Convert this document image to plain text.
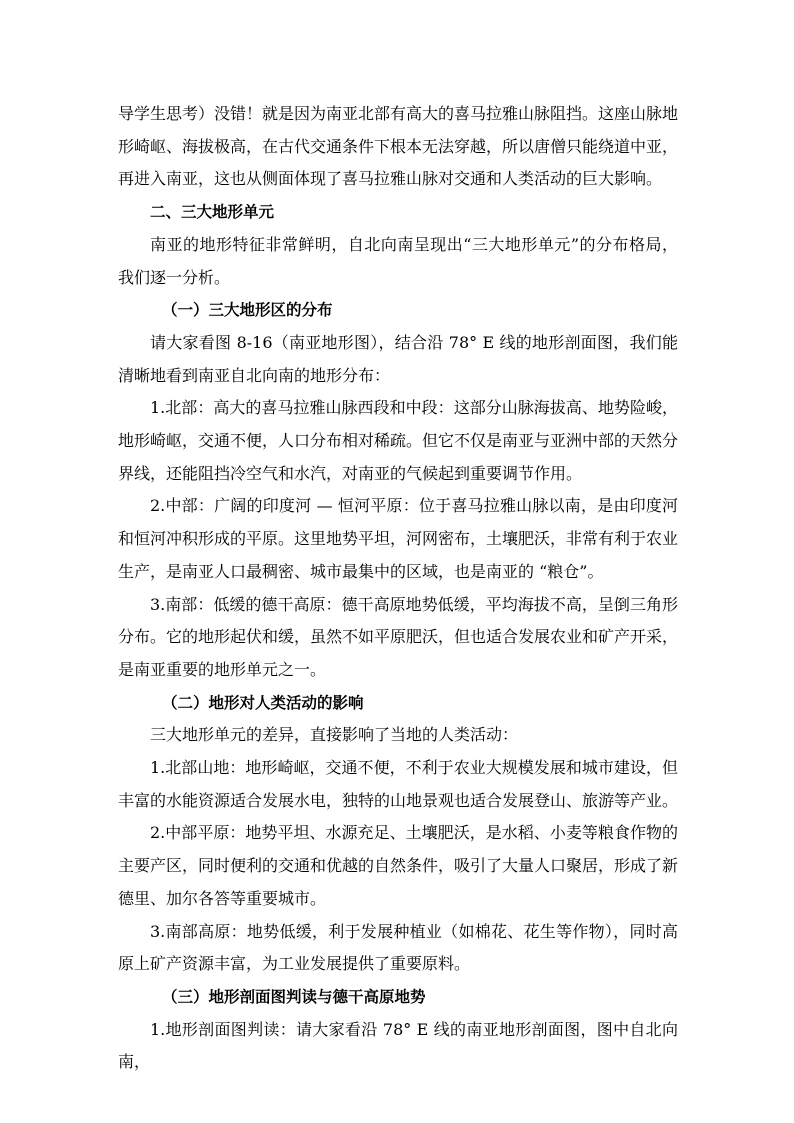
导学生思考）没错！就是因为南亚北部有高大的喜马拉雅山脉阻挡。这座山脉地形崎岖、海拔极高，在古代交通条件下根本无法穿越，所以唐僧只能绕道中亚，再进入南亚，这也从侧面体现了喜马拉雅山脉对交通和人类活动的巨大影响。

二、三大地形单元

南亚的地形特征非常鲜明，自北向南呈现出“三大地形单元”的分布格局，我们逐一分析。

（一）三大地形区的分布

请大家看图 8-16（南亚地形图），结合沿 78° E 线的地形剖面图，我们能清晰地看到南亚自北向南的地形分布：

1.北部：高大的喜马拉雅山脉西段和中段：这部分山脉海拔高、地势险峻，地形崎岖，交通不便，人口分布相对稀疏。但它不仅是南亚与亚洲中部的天然分界线，还能阻挡冷空气和水汽，对南亚的气候起到重要调节作用。

2.中部：广阔的印度河 — 恒河平原：位于喜马拉雅山脉以南，是由印度河和恒河冲积形成的平原。这里地势平坦，河网密布，土壤肥沃，非常有利于农业生产，是南亚人口最稠密、城市最集中的区域，也是南亚的 “粮仓”。

3.南部：低缓的德干高原：德干高原地势低缓，平均海拔不高，呈倒三角形分布。它的地形起伏和缓，虽然不如平原肥沃，但也适合发展农业和矿产开采，是南亚重要的地形单元之一。

（二）地形对人类活动的影响

三大地形单元的差异，直接影响了当地的人类活动：

1.北部山地：地形崎岖，交通不便，不利于农业大规模发展和城市建设，但丰富的水能资源适合发展水电，独特的山地景观也适合发展登山、旅游等产业。

2.中部平原：地势平坦、水源充足、土壤肥沃，是水稻、小麦等粮食作物的主要产区，同时便利的交通和优越的自然条件，吸引了大量人口聚居，形成了新德里、加尔各答等重要城市。

3.南部高原：地势低缓，利于发展种植业（如棉花、花生等作物），同时高原上矿产资源丰富，为工业发展提供了重要原料。

（三）地形剖面图判读与德干高原地势

1.地形剖面图判读：请大家看沿 78° E 线的南亚地形剖面图，图中自北向南，
